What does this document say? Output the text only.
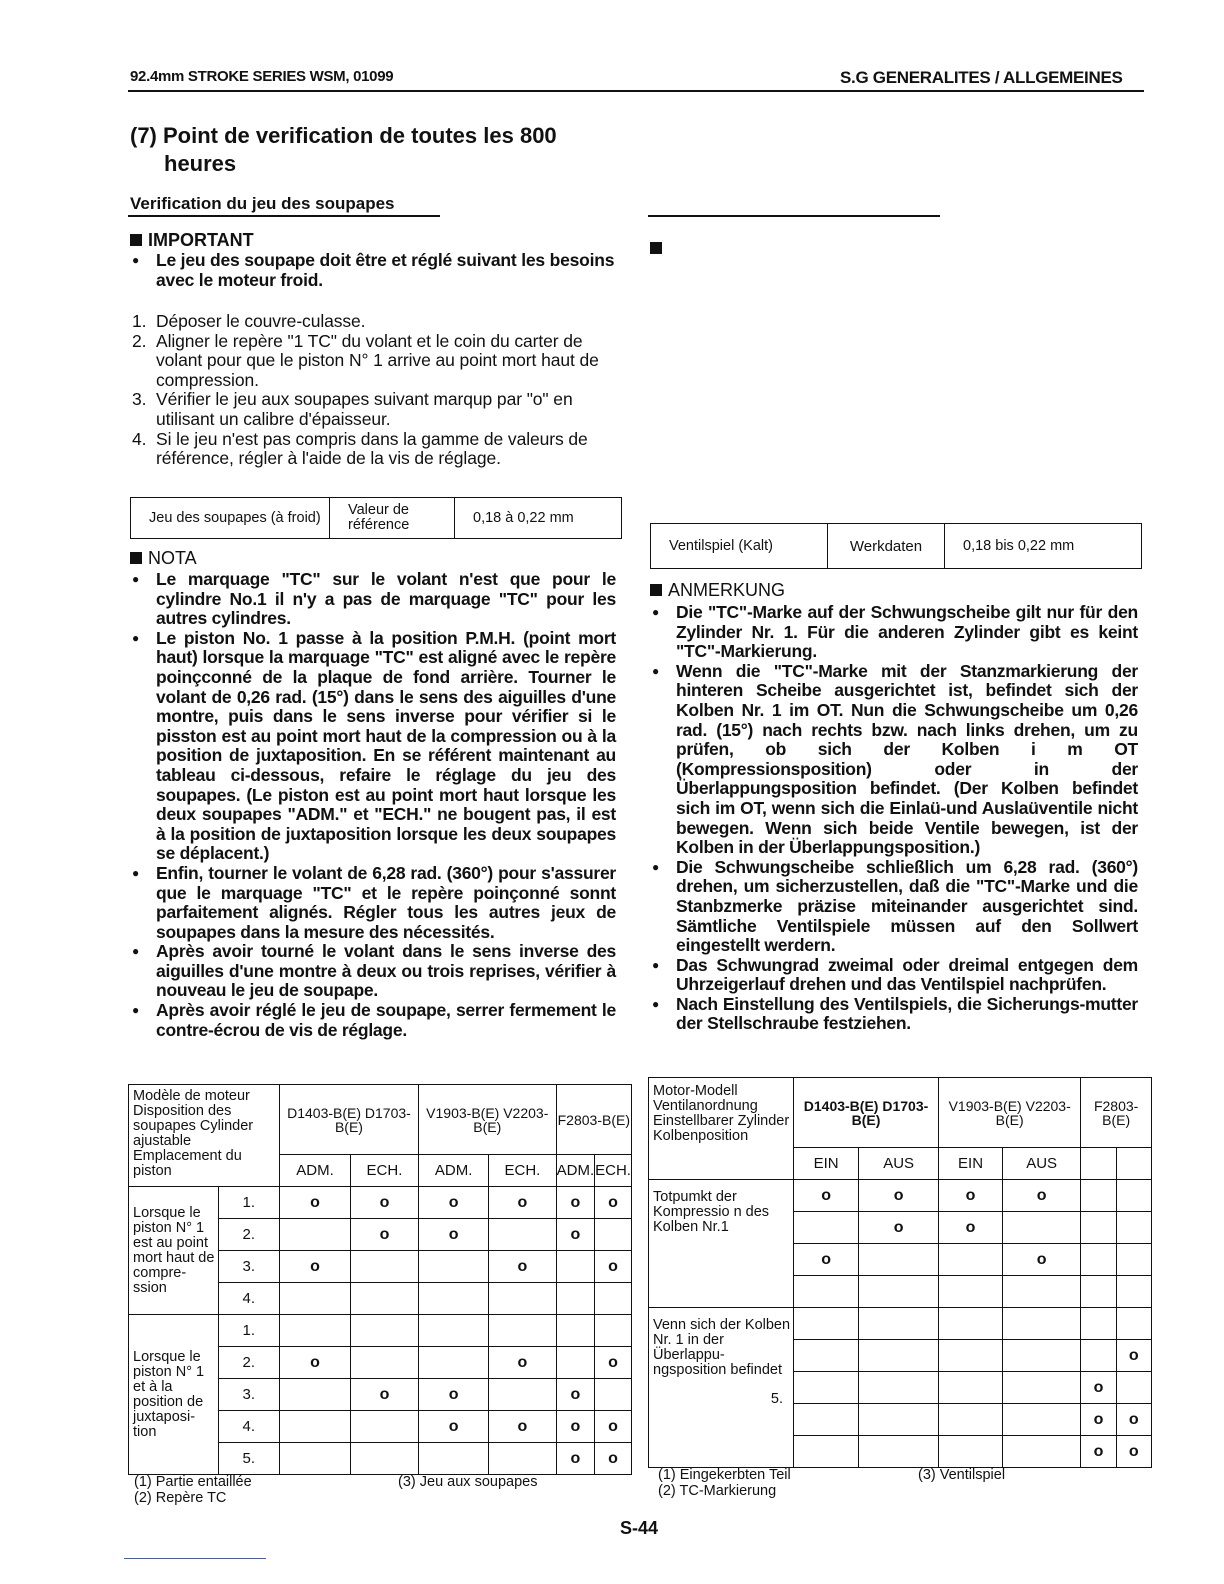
92.4mm STROKE SERIES WSM, 01099	S.G GENERALITES / ALLGEMEINES
(7) Point de verification de toutes les 800
heures
Verification du jeu des soupapes
IMPORTANT
● Le jeu des soupape doit être et réglé suivant les besoins avec le moteur froid.
1. Déposer le couvre-culasse.
2. Aligner le repère "1 TC" du volant et le coin du carter de volant pour que le piston N° 1 arrive au point mort haut de compression.
3. Vérifier le jeu aux soupapes suivant marqup par "o" en utilisant un calibre d'épaisseur.
4. Si le jeu n'est pas compris dans la gamme de valeurs de référence, régler à l'aide de la vis de réglage.
Jeu des soupapes (à froid)	Valeur de référence	0,18 à 0,22 mm
NOTA
● Le marquage "TC" sur le volant n'est que pour le cylindre No.1 il n'y a pas de marquage "TC" pour les autres cylindres.
● Le piston No. 1 passe à la position P.M.H. (point mort haut) lorsque la marquage "TC" est aligné avec le repère poinçconné de la plaque de fond arrière. Tourner le volant de 0,26 rad. (15°) dans le sens des aiguilles d'une montre, puis dans le sens inverse pour vérifier si le pisston est au point mort haut de la compression ou à la position de juxtaposition. En se référent maintenant au tableau ci-dessous, refaire le réglage du jeu des soupapes. (Le piston est au point mort haut lorsque les deux soupapes "ADM." et "ECH." ne bougent pas, il est à la position de juxtaposition lorsque les deux soupapes se déplacent.)
● Enfin, tourner le volant de 6,28 rad. (360°) pour s'assurer que le marquage "TC" et le repère poinçonné sonnt parfaitement alignés. Régler tous les autres jeux de soupapes dans la mesure des nécessités.
● Après avoir tourné le volant dans le sens inverse des aiguilles d'une montre à deux ou trois reprises, vérifier à nouveau le jeu de soupape.
● Après avoir réglé le jeu de soupape, serrer fermement le contre-écrou de vis de réglage.
Modèle de moteur Disposition des soupapes Cylinder ajustable Emplacement du piston		D1403-B(E) D1703-B(E)		V1903-B(E) V2203-B(E)		F2803-B(E)	
		ADM.	ECH.	ADM.	ECH.	ADM.	ECH.
Lorsque le piston N° 1 est au point mort haut de compre-ssion	1.	o	o	o	o	o	o
	2.		o	o		o	
	3.	o			o		o
	4.						
Lorsque le piston N° 1 et à la position de juxtaposi-tion	1.						
	2.	o			o		o
	3.		o	o		o	
	4.			o	o	o	o
	5.					o	o
(1) Partie entaillée
(2) Repère TC
(3) Jeu aux soupapes
Ventilspiel (Kalt)	Werkdaten	0,18 bis 0,22 mm
ANMERKUNG
● Die "TC"-Marke auf der Schwungscheibe gilt nur für den Zylinder Nr. 1. Für die anderen Zylinder gibt es keint "TC"-Markierung.
● Wenn die "TC"-Marke mit der Stanzmarkierung der hinteren Scheibe ausgerichtet ist, befindet sich der Kolben Nr. 1 im OT. Nun die Schwungscheibe um 0,26 rad. (15°) nach rechts bzw. nach links drehen, um zu prüfen, ob sich der Kolben i m OT (Kompressionsposition) oder in der Überlappungsposition befindet. (Der Kolben befindet sich im OT, wenn sich die Einlaü-und Auslaüventile nicht bewegen. Wenn sich beide Ventile bewegen, ist der Kolben in der Überlappungsposition.)
● Die Schwungscheibe schließlich um 6,28 rad. (360°) drehen, um sicherzustellen, daß die "TC"-Marke und die Stanbzmerke präzise miteinander ausgerichtet sind. Sämtliche Ventilspiele müssen auf den Sollwert eingestellt werdern.
● Das Schwungrad zweimal oder dreimal entgegen dem Uhrzeigerlauf drehen und das Ventilspiel nachprüfen.
● Nach Einstellung des Ventilspiels, die Sicherungs-mutter der Stellschraube festziehen.
Motor-Modell Ventilanordnung Einstellbarer Zylinder Kolbenposition	D1403-B(E) D1703-B(E)		V1903-B(E) V2203-B(E)		F2803-B(E)	
	EIN	AUS	EIN	AUS		
Totpumkt der Kompressio n des Kolben Nr.1	o	o	o	o		
		o	o			
	o			o		

Venn sich der Kolben Nr. 1 in der Überlappu-ngsposition befindet
5.						

						o
					o	
					o	o
					o	o
(1) Eingekerbten Teil
(2) TC-Markierung
(3) Ventilspiel
S-44
